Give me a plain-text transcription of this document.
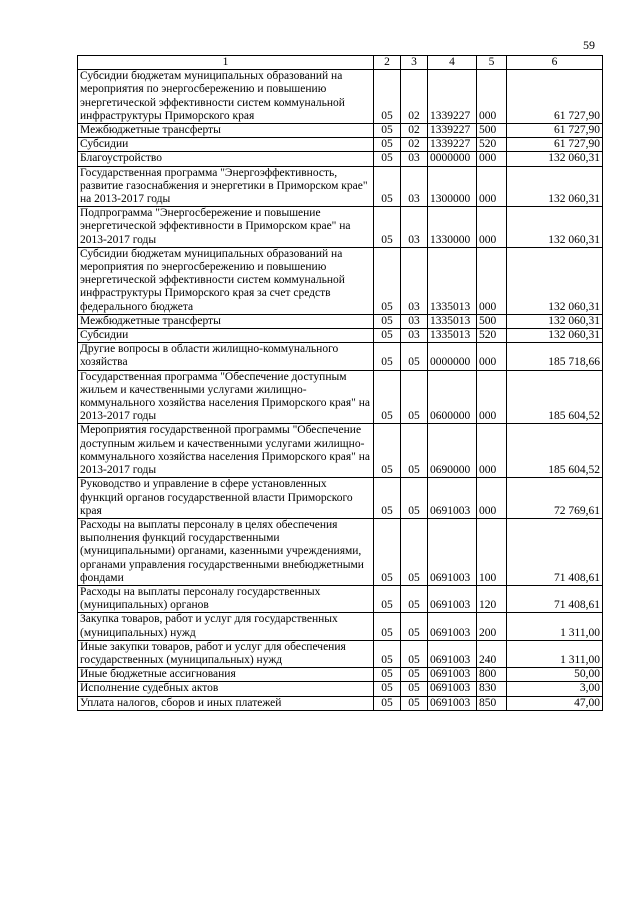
59
1	2	3	4	5	6
Субсидии бюджетам муниципальных образований на мероприятия по энергосбережению и повышению энергетической эффективности систем коммунальной инфраструктуры Приморского края	05	02	1339227	000	61 727,90
Межбюджетные трансферты	05	02	1339227	500	61 727,90
Субсидии	05	02	1339227	520	61 727,90
Благоустройство	05	03	0000000	000	132 060,31
Государственная программа "Энергоэффективность, развитие газоснабжения и энергетики в Приморском крае" на 2013-2017 годы	05	03	1300000	000	132 060,31
Подпрограмма "Энергосбережение и повышение энергетической эффективности в Приморском крае" на 2013-2017 годы	05	03	1330000	000	132 060,31
Субсидии бюджетам муниципальных образований на мероприятия по энергосбережению и повышению энергетической эффективности систем коммунальной инфраструктуры Приморского края за счет средств федерального бюджета	05	03	1335013	000	132 060,31
Межбюджетные трансферты	05	03	1335013	500	132 060,31
Субсидии	05	03	1335013	520	132 060,31
Другие вопросы в области жилищно-коммунального хозяйства	05	05	0000000	000	185 718,66
Государственная программа "Обеспечение доступным жильем и качественными услугами жилищно-коммунального хозяйства населения Приморского края" на 2013-2017 годы	05	05	0600000	000	185 604,52
Мероприятия государственной программы "Обеспечение доступным жильем и качественными услугами жилищно-коммунального хозяйства населения Приморского края" на 2013-2017 годы	05	05	0690000	000	185 604,52
Руководство и управление в сфере установленных функций органов государственной власти Приморского края	05	05	0691003	000	72 769,61
Расходы на выплаты персоналу в целях обеспечения выполнения функций государственными (муниципальными) органами, казенными учреждениями, органами управления государственными внебюджетными фондами	05	05	0691003	100	71 408,61
Расходы на выплаты персоналу государственных (муниципальных) органов	05	05	0691003	120	71 408,61
Закупка товаров, работ и услуг для государственных (муниципальных) нужд	05	05	0691003	200	1 311,00
Иные закупки товаров, работ и услуг для обеспечения государственных (муниципальных) нужд	05	05	0691003	240	1 311,00
Иные бюджетные ассигнования	05	05	0691003	800	50,00
Исполнение судебных актов	05	05	0691003	830	3,00
Уплата налогов, сборов и иных платежей	05	05	0691003	850	47,00
